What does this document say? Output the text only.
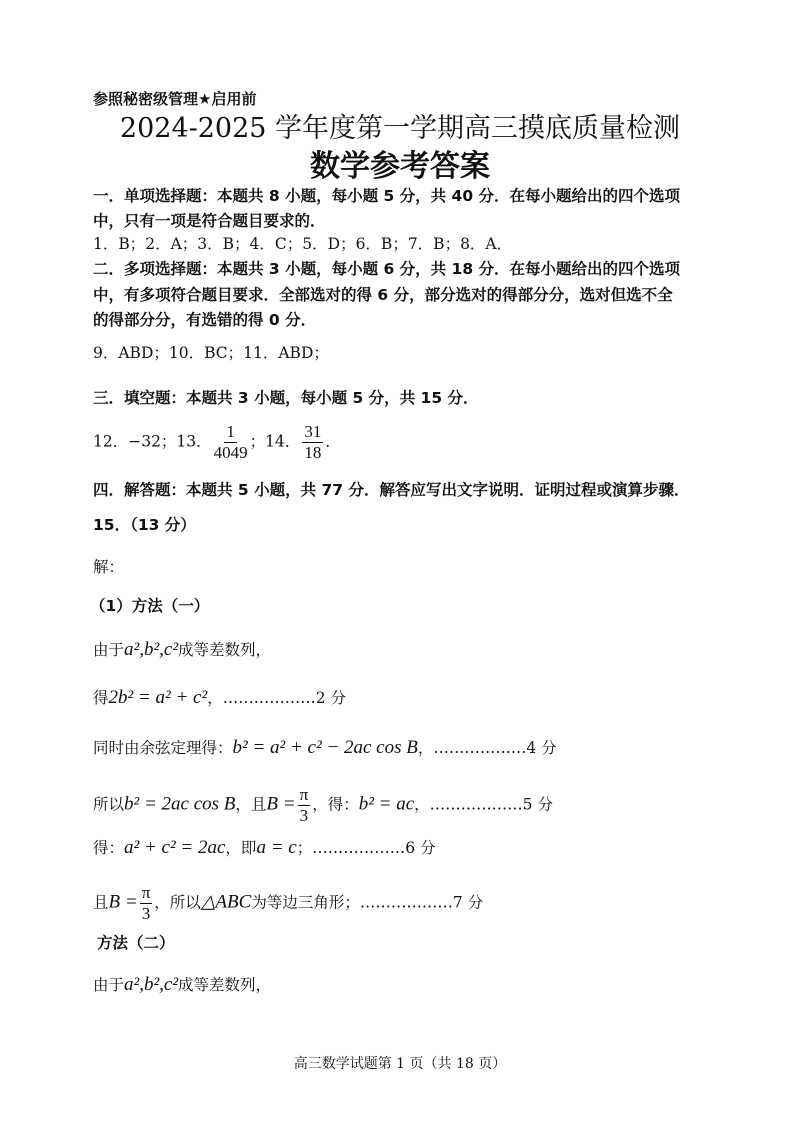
参照秘密级管理★启用前
2024-2025 学年度第一学期高三摸底质量检测
数学参考答案
一．单项选择题：本题共 8 小题，每小题 5 分，共 40 分．在每小题给出的四个选项
中，只有一项是符合题目要求的．
1．B；2．A；3．B；4．C；5．D；6．B；7．B；8．A．
二．多项选择题：本题共 3 小题，每小题 6 分，共 18 分．在每小题给出的四个选项
中，有多项符合题目要求．全部选对的得 6 分，部分选对的得部分分，选对但选不全
的得部分分，有选错的得 0 分．
9．ABD；10．BC；11．ABD；
三．填空题：本题共 3 小题，每小题 5 分，共 15 分．
12．−32；13． $\frac{1}{4049}$ ；14． $\frac{31}{18}$ ．
四．解答题：本题共 5 小题，共 77 分．解答应写出文字说明．证明过程或演算步骤．
15．（13 分）
解：
（1）方法（一）
由于a²,b²,c²成等差数列，
得2b² = a² + c²，………………2 分
同时由余弦定理得：b² = a² + c² − 2ac cos B，………………4 分
所以b² = 2ac cos B，且$B = \frac{\pi}{3}$ ，得：b² = ac，………………5 分
得：a² + c² = 2ac，即a = c；………………6 分
且$B = \frac{\pi}{3}$ ，所以△ABC为等边三角形；………………7 分
方法（二）
由于a²,b²,c²成等差数列，
高三数学试题第 1 页（共 18 页）
